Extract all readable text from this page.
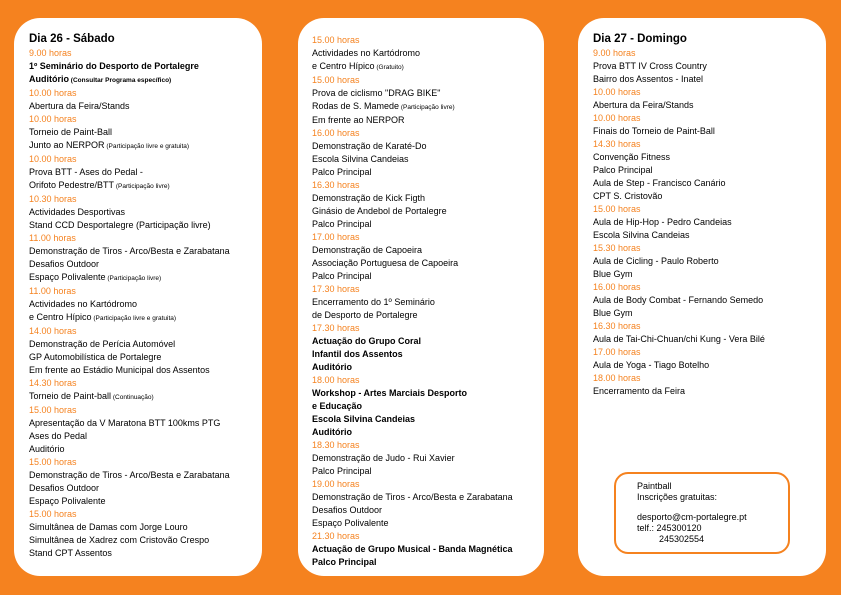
Dia 26 - Sábado
9.00 horas
1º Seminário do Desporto de Portalegre
Auditório (Consultar Programa específico)
10.00 horas
Abertura da Feira/Stands
10.00 horas
Torneio de Paint-Ball
Junto ao NERPOR (Participação livre e gratuita)
10.00 horas
Prova BTT - Ases do Pedal -
Orifoto Pedestre/BTT (Participação livre)
10.30 horas
Actividades Desportivas
Stand CCD Desportalegre (Participação livre)
11.00 horas
Demonstração de Tiros - Arco/Besta e Zarabatana
Desafios Outdoor
Espaço Polivalente (Participação livre)
11.00 horas
Actividades no Kartódromo
e Centro Hípico (Participação livre e gratuita)
14.00 horas
Demonstração de Perícia Automóvel
GP Automobilística de Portalegre
Em frente ao Estádio Municipal dos Assentos
14.30 horas
Torneio de Paint-ball (Continuação)
15.00 horas
Apresentação da V Maratona BTT 100kms PTG
Ases do Pedal
Auditório
15.00 horas
Demonstração de Tiros - Arco/Besta e Zarabatana
Desafios Outdoor
Espaço Polivalente
15.00 horas
Simultânea de Damas com Jorge Louro
Simultânea de Xadrez com Cristovão Crespo
Stand CPT Assentos
15.00 horas
Actividades no Kartódromo
e Centro Hípico (Gratuito)
15.00 horas
Prova de ciclismo "DRAG BIKE"
Rodas de S. Mamede (Participação livre)
Em frente ao NERPOR
16.00 horas
Demonstração de Karaté-Do
Escola Silvina Candeias
Palco Principal
16.30 horas
Demonstração de Kick Figth
Ginásio de Andebol de Portalegre
Palco Principal
17.00 horas
Demonstração de Capoeira
Associação Portuguesa de Capoeira
Palco Principal
17.30 horas
Encerramento do 1º Seminário
de Desporto de Portalegre
17.30 horas
Actuação do Grupo Coral
Infantil dos Assentos
Auditório
18.00 horas
Workshop - Artes Marciais Desporto
e Educação
Escola Silvina Candeias
Auditório
18.30 horas
Demonstração de Judo - Rui Xavier
Palco Principal
19.00 horas
Demonstração de Tiros - Arco/Besta e Zarabatana
Desafios Outdoor
Espaço Polivalente
21.30 horas
Actuação de Grupo Musical - Banda Magnética
Palco Principal
Dia 27 - Domingo
9.00 horas
Prova BTT IV Cross Country
Bairro dos Assentos - Inatel
10.00 horas
Abertura da Feira/Stands
10.00 horas
Finais do Torneio de Paint-Ball
14.30 horas
Convenção Fitness
Palco Principal
Aula de Step - Francisco Canário
CPT S. Cristovão
15.00 horas
Aula de Hip-Hop - Pedro Candeias
Escola Silvina Candeias
15.30 horas
Aula de Cicling - Paulo Roberto
Blue Gym
16.00 horas
Aula de Body Combat - Fernando Semedo
Blue Gym
16.30 horas
Aula de Tai-Chi-Chuan/chi Kung - Vera Bilé
17.00 horas
Aula de Yoga - Tiago Botelho
18.00 horas
Encerramento da Feira
Paintball
Inscrições gratuitas:
desporto@cm-portalegre.pt
telf.: 245300120
245302554
